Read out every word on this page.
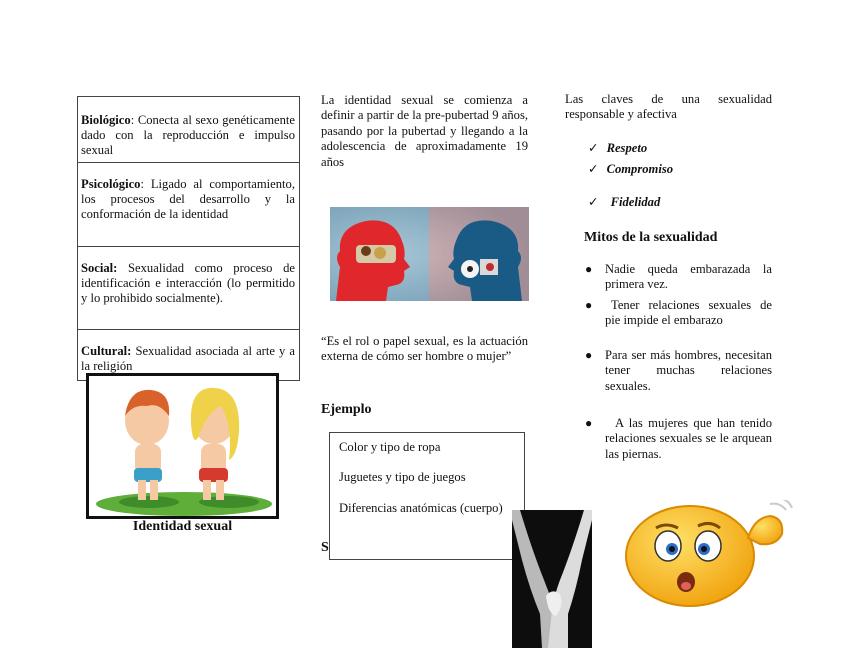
Biológico: Conecta al sexo genéticamente dado con la reproducción e impulso sexual
Psicológico: Ligado al comportamiento, los procesos del desarrollo y la conformación de la identidad
Social: Sexualidad como proceso de identificación e interacción (lo permitido y lo prohibido socialmente).
Cultural: Sexualidad asociada al arte y a la religión
Identidad sexual
La identidad sexual se comienza a definir a partir de la pre-pubertad 9 años, pasando por la pubertad y llegando a la adolescencia de aproximadamente 19 años
“Es el rol o papel sexual, es la actuación externa de cómo ser hombre o mujer”
Ejemplo
Color y tipo de ropa
Juguetes y tipo de juegos
Diferencias anatómicas (cuerpo)
S
Las claves de una sexualidad responsable y afectiva
✓ Respeto
✓ Compromiso
✓ Fidelidad
Mitos de la sexualidad
● Nadie queda embarazada la primera vez.
●	Tener relaciones sexuales de pie impide el embarazo
● Para ser más hombres, necesitan tener muchas relaciones sexuales.
●	A las mujeres que han tenido relaciones sexuales se le arquean las piernas.
